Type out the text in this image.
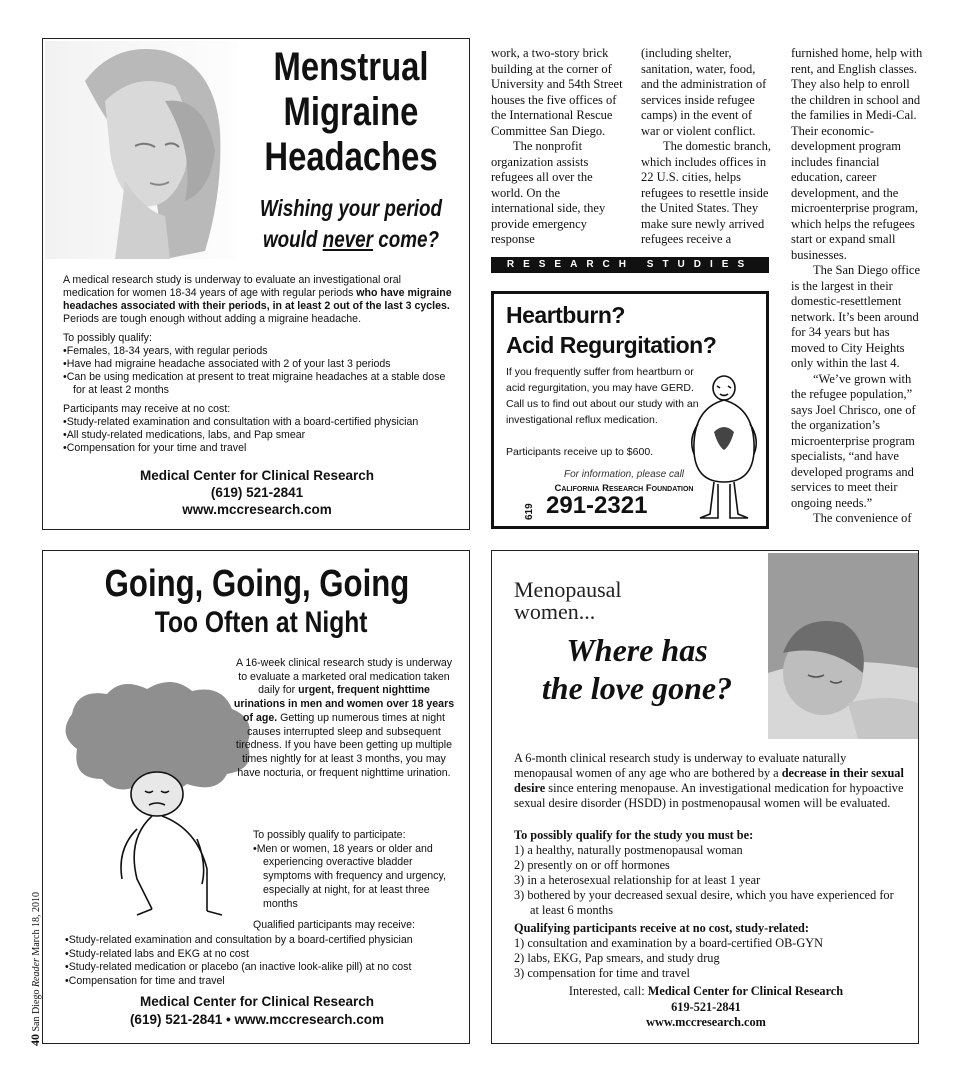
Menstrual
Migraine
Headaches
Wishing your period
would never come?

A medical research study is underway to evaluate an investigational oral medication for women 18-34 years of age with regular periods who have migraine headaches associated with their periods, in at least 2 out of the last 3 cycles. Periods are tough enough without adding a migraine headache.

To possibly qualify:
• Females, 18-34 years, with regular periods
• Have had migraine headache associated with 2 of your last 3 periods
• Can be using medication at present to treat migraine headaches at a stable dose for at least 2 months
Participants may receive at no cost:
• Study-related examination and consultation with a board-certified physician
• All study-related medications, labs, and Pap smear
• Compensation for your time and travel
Medical Center for Clinical Research
(619) 521-2841
www.mccresearch.com

work, a two-story brick building at the corner of University and 54th Street houses the five offices of the International Rescue Committee San Diego.

The nonprofit organization assists refugees all over the world. On the international side, they provide emergency response

(including shelter, sanitation, water, food, and the administration of services inside refugee camps) in the event of war or violent conflict.

The domestic branch, which includes offices in 22 U.S. cities, helps refugees to resettle inside the United States. They make sure newly arrived refugees receive a

furnished home, help with rent, and English classes. They also help to enroll the children in school and the families in Medi-Cal. Their economic-development program includes financial education, career development, and the microenterprise program, which helps the refugees start or expand small businesses.

The San Diego office is the largest in their domestic-resettlement network. It’s been around for 34 years but has moved to City Heights only within the last 4.

“We’ve grown with the refugee population,” says Joel Chrisco, one of the organization’s microenterprise program specialists, “and have developed programs and services to meet their ongoing needs.”

The convenience of

RESEARCH STUDIES
Heartburn?
Acid Regurgitation?
If you frequently suffer from heartburn or acid regurgitation, you may have GERD. Call us to find out about our study with an investigational reflux medication.
Participants receive up to $600.
For information, please call
California Research Foundation
619 291-2321
Going, Going, Going
Too Often at Night
A 16-week clinical research study is underway to evaluate a marketed oral medication taken daily for urgent, frequent nighttime urinations in men and women over 18 years of age. Getting up numerous times at night causes interrupted sleep and subsequent tiredness. If you have been getting up multiple times nightly for at least 3 months, you may have nocturia, or frequent nighttime urination.
To possibly qualify to participate:
• Men or women, 18 years or older and experiencing overactive bladder symptoms with frequency and urgency, especially at night, for at least three months
Qualified participants may receive:
• Study-related examination and consultation by a board-certified physician
• Study-related labs and EKG at no cost
• Study-related medication or placebo (an inactive look-alike pill) at no cost
• Compensation for time and travel
Medical Center for Clinical Research
(619) 521-2841 • www.mccresearch.com
Menopausal
women...
Where has
the love gone?
A 6-month clinical research study is underway to evaluate naturally menopausal women of any age who are bothered by a decrease in their sexual desire since entering menopause. An investigational medication for hypoactive sexual desire disorder (HSDD) in postmenopausal women will be evaluated.
To possibly qualify for the study you must be:
1) a healthy, naturally postmenopausal woman
2) presently on or off hormones
3) in a heterosexual relationship for at least 1 year
3) bothered by your decreased sexual desire, which you have experienced for at least 6 months
Qualifying participants receive at no cost, study-related:
1) consultation and examination by a board-certified OB-GYN
2) labs, EKG, Pap smears, and study drug
3) compensation for time and travel
Interested, call: Medical Center for Clinical Research
619-521-2841
www.mccresearch.com
40 San Diego Reader March 18, 2010
